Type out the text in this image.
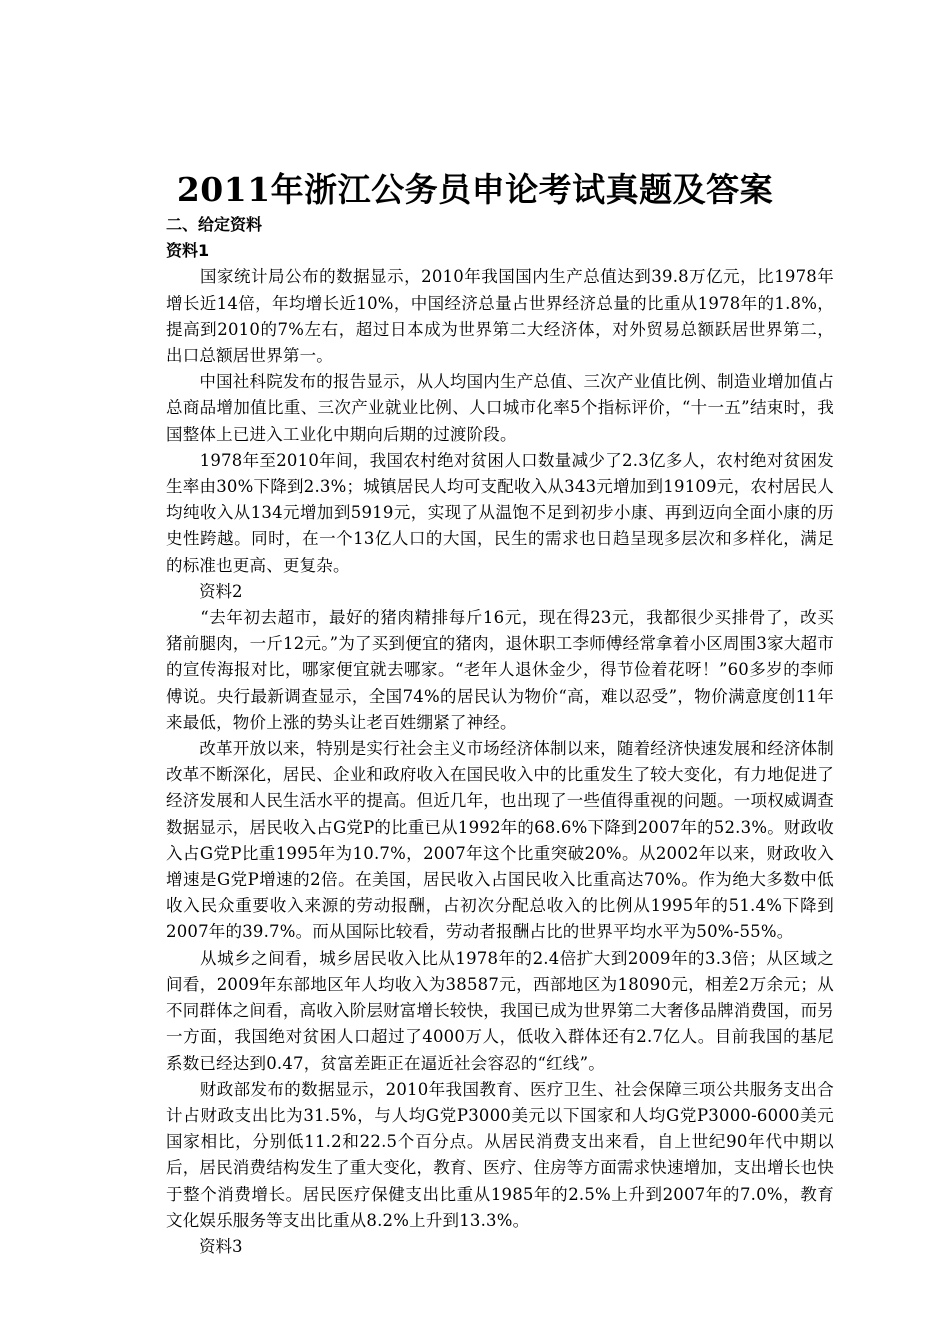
2011年浙江公务员申论考试真题及答案

二、给定资料

资料1

　　国家统计局公布的数据显示，2010年我国国内生产总值达到39.8万亿元，比1978年增长近14倍，年均增长近10%，中国经济总量占世界经济总量的比重从1978年的1.8%，提高到2010的7%左右，超过日本成为世界第二大经济体，对外贸易总额跃居世界第二，出口总额居世界第一。

　　中国社科院发布的报告显示，从人均国内生产总值、三次产业值比例、制造业增加值占总商品增加值比重、三次产业就业比例、人口城市化率5个指标评价，“十一五”结束时，我国整体上已进入工业化中期向后期的过渡阶段。

　　1978年至2010年间，我国农村绝对贫困人口数量减少了2.3亿多人，农村绝对贫困发生率由30%下降到2.3%；城镇居民人均可支配收入从343元增加到19109元，农村居民人均纯收入从134元增加到5919元，实现了从温饱不足到初步小康、再到迈向全面小康的历史性跨越。同时，在一个13亿人口的大国，民生的需求也日趋呈现多层次和多样化，满足的标准也更高、更复杂。

　　资料2

　　“去年初去超市，最好的猪肉精排每斤16元，现在得23元，我都很少买排骨了，改买猪前腿肉，一斤12元。”为了买到便宜的猪肉，退休职工李师傅经常拿着小区周围3家大超市的宣传海报对比，哪家便宜就去哪家。“老年人退休金少，得节俭着花呀！”60多岁的李师傅说。央行最新调查显示，全国74%的居民认为物价“高，难以忍受”，物价满意度创11年来最低，物价上涨的势头让老百姓绷紧了神经。

　　改革开放以来，特别是实行社会主义市场经济体制以来，随着经济快速发展和经济体制改革不断深化，居民、企业和政府收入在国民收入中的比重发生了较大变化，有力地促进了经济发展和人民生活水平的提高。但近几年，也出现了一些值得重视的问题。一项权威调查数据显示，居民收入占G党P的比重已从1992年的68.6%下降到2007年的52.3%。财政收入占G党P比重1995年为10.7%，2007年这个比重突破20%。从2002年以来，财政收入增速是G党P增速的2倍。在美国，居民收入占国民收入比重高达70%。作为绝大多数中低收入民众重要收入来源的劳动报酬，占初次分配总收入的比例从1995年的51.4%下降到2007年的39.7%。而从国际比较看，劳动者报酬占比的世界平均水平为50%-55%。

　　从城乡之间看，城乡居民收入比从1978年的2.4倍扩大到2009年的3.3倍；从区域之间看，2009年东部地区年人均收入为38587元，西部地区为18090元，相差2万余元；从不同群体之间看，高收入阶层财富增长较快，我国已成为世界第二大奢侈品牌消费国，而另一方面，我国绝对贫困人口超过了4000万人，低收入群体还有2.7亿人。目前我国的基尼系数已经达到0.47，贫富差距正在逼近社会容忍的“红线”。

　　财政部发布的数据显示，2010年我国教育、医疗卫生、社会保障三项公共服务支出合计占财政支出比为31.5%，与人均G党P3000美元以下国家和人均G党P3000-6000美元国家相比，分别低11.2和22.5个百分点。从居民消费支出来看，自上世纪90年代中期以后，居民消费结构发生了重大变化，教育、医疗、住房等方面需求快速增加，支出增长也快于整个消费增长。居民医疗保健支出比重从1985年的2.5%上升到2007年的7.0%，教育文化娱乐服务等支出比重从8.2%上升到13.3%。

　　资料3
